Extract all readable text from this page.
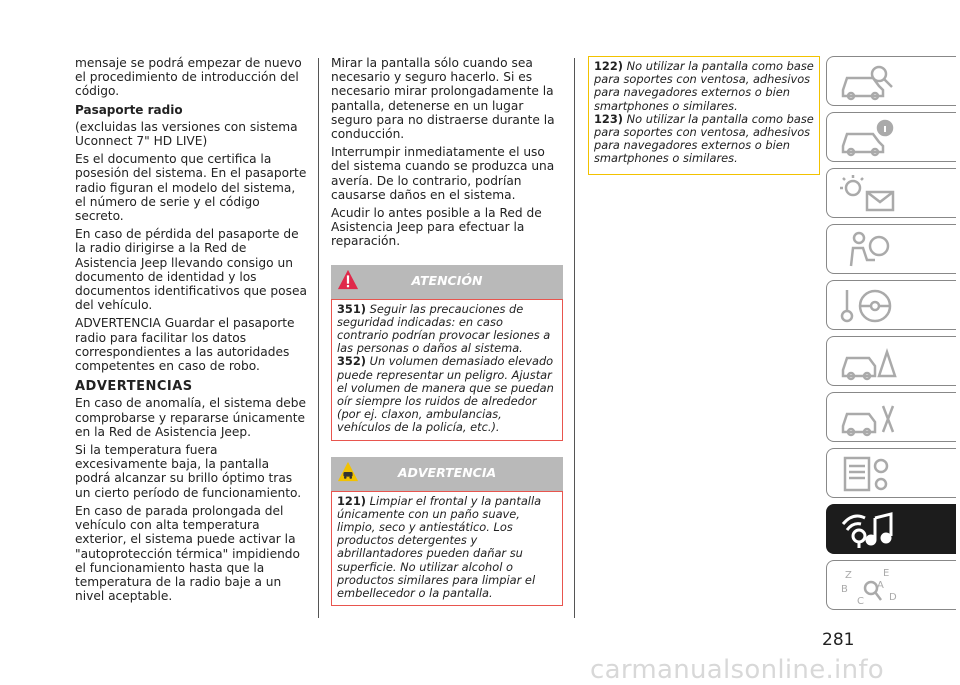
mensaje se podrá empezar de nuevo el procedimiento de introducción del código.

Pasaporte radio

(excluidas las versiones con sistema Uconnect 7" HD LIVE)

Es el documento que certifica la posesión del sistema. En el pasaporte radio figuran el modelo del sistema, el número de serie y el código secreto.

En caso de pérdida del pasaporte de la radio dirigirse a la Red de Asistencia Jeep llevando consigo un documento de identidad y los documentos identificativos que posea del vehículo.

ADVERTENCIA Guardar el pasaporte radio para facilitar los datos correspondientes a las autoridades competentes en caso de robo.

ADVERTENCIAS

En caso de anomalía, el sistema debe comprobarse y repararse únicamente en la Red de Asistencia Jeep.

Si la temperatura fuera excesivamente baja, la pantalla podrá alcanzar su brillo óptimo tras un cierto período de funcionamiento.

En caso de parada prolongada del vehículo con alta temperatura exterior, el sistema puede activar la "autoprotección térmica" impidiendo el funcionamiento hasta que la temperatura de la radio baje a un nivel aceptable.

Mirar la pantalla sólo cuando sea necesario y seguro hacerlo. Si es necesario mirar prolongadamente la pantalla, detenerse en un lugar seguro para no distraerse durante la conducción.

Interrumpir inmediatamente el uso del sistema cuando se produzca una avería. De lo contrario, podrían causarse daños en el sistema.

Acudir lo antes posible a la Red de Asistencia Jeep para efectuar la reparación.

ATENCIÓN

351) Seguir las precauciones de seguridad indicadas: en caso contrario podrían provocar lesiones a las personas o daños al sistema.

352) Un volumen demasiado elevado puede representar un peligro. Ajustar el volumen de manera que se puedan oír siempre los ruidos de alrededor (por ej. claxon, ambulancias, vehículos de la policía, etc.).

ADVERTENCIA

121) Limpiar el frontal y la pantalla únicamente con un paño suave, limpio, seco y antiestático. Los productos detergentes y abrillantadores pueden dañar su superficie. No utilizar alcohol o productos similares para limpiar el embellecedor o la pantalla.

122) No utilizar la pantalla como base para soportes con ventosa, adhesivos para navegadores externos o bien smartphones o similares.

123) No utilizar la pantalla como base para soportes con ventosa, adhesivos para navegadores externos o bien smartphones o similares.

Z	E
B	A
C	D
281
carmanualsonline.info
